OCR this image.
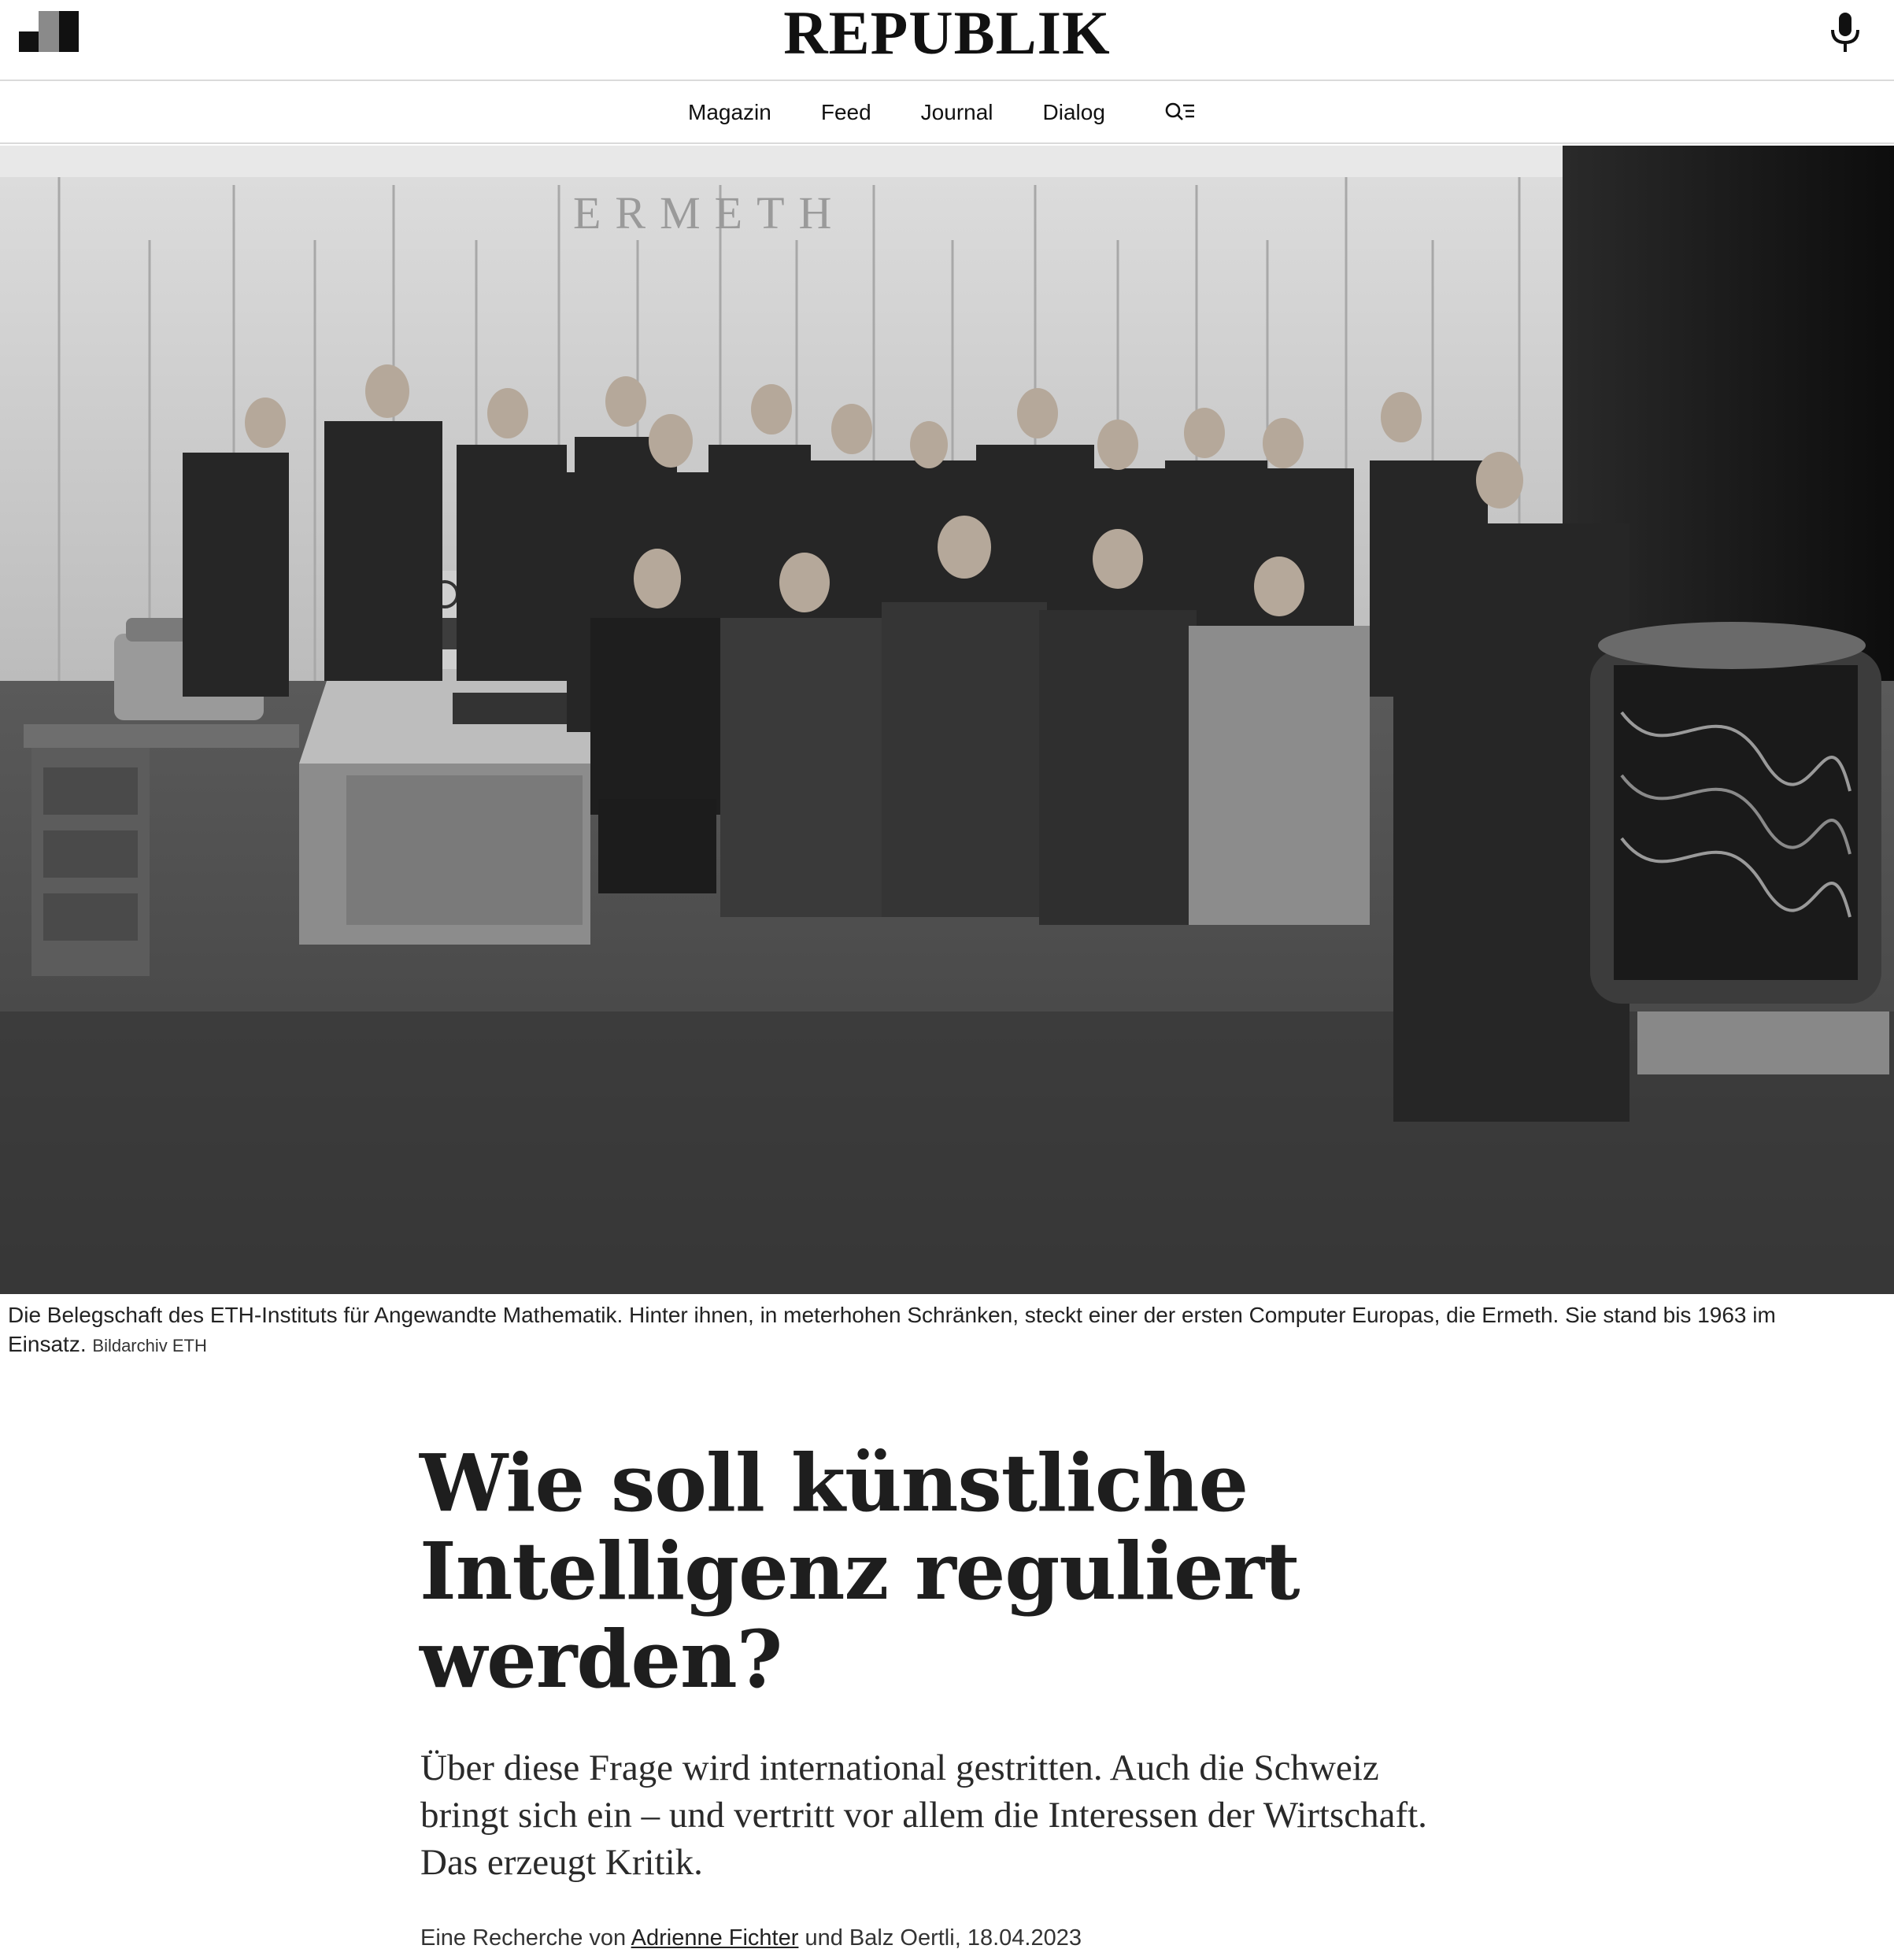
REPUBLIK
Magazin Feed Journal Dialog
ERMETH

Die Belegschaft des ETH-Instituts für Angewandte Mathematik. Hinter ihnen, in meterhohen Schränken, steckt einer der ersten Computer Europas, die Ermeth. Sie stand bis 1963 im Einsatz. Bildarchiv ETH

Wie soll künstliche Intelligenz reguliert werden?

Über diese Frage wird international gestritten. Auch die Schweiz bringt sich ein – und vertritt vor allem die Interessen der Wirtschaft. Das erzeugt Kritik.

Eine Recherche von Adrienne Fichter und Balz Oertli, 18.04.2023
